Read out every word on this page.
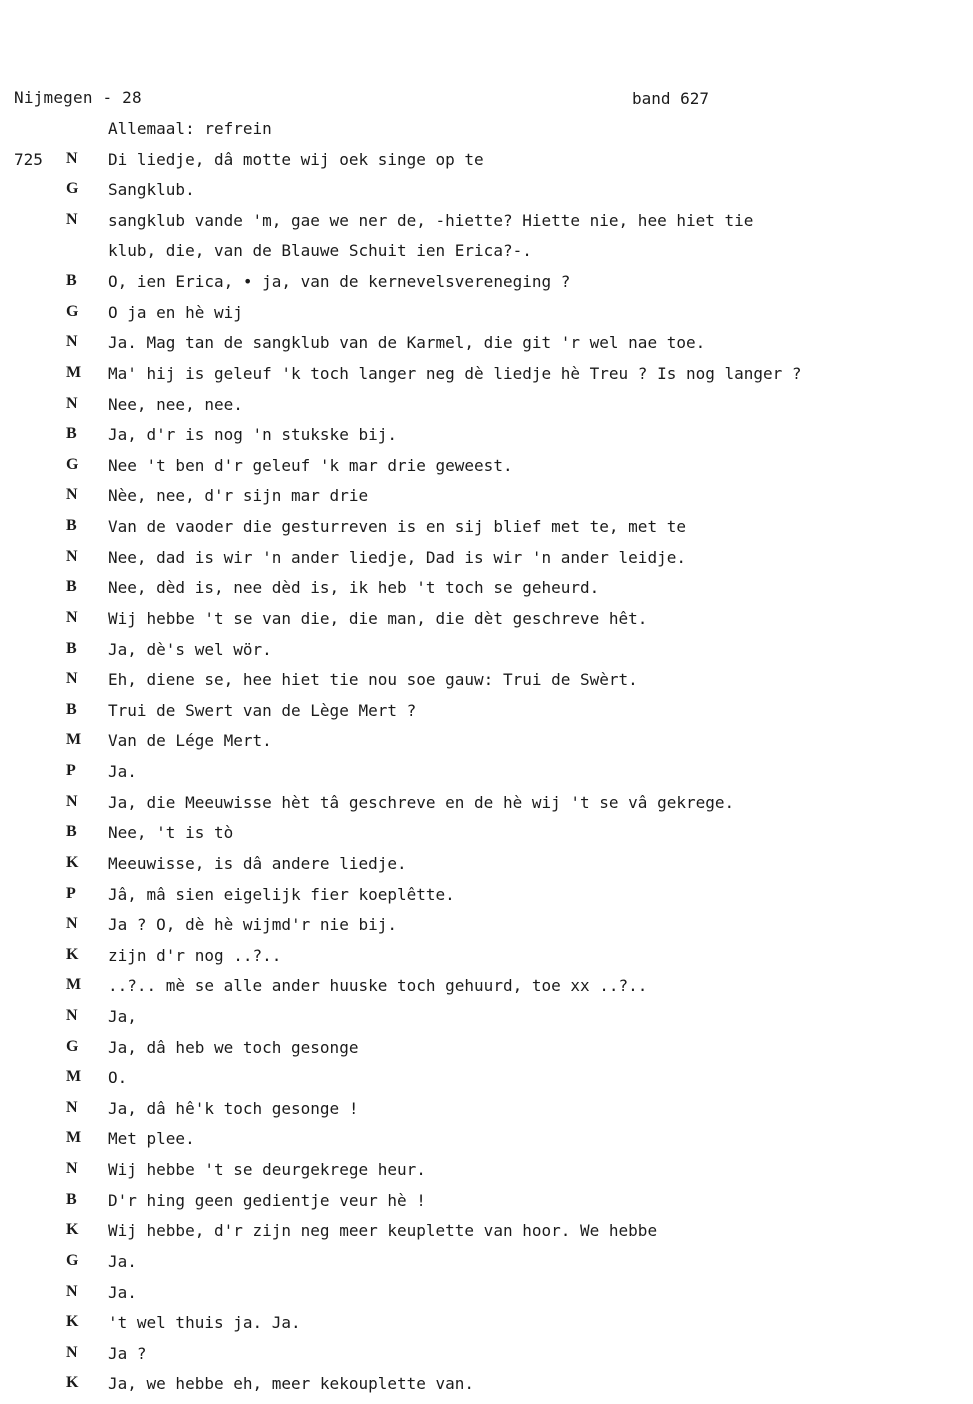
Nijmegen - 28	band 627
Allemaal: refrein
725 N Di liedje, dâ motte wij oek singe op te
G Sangklub.
N sangklub vande 'm, gae we ner de, -hiette? Hiette nie, hee hiet tie
klub, die, van de Blauwe Schuit ien Erica?-.
B O, ien Erica, • ja, van de kernevelsvereneging ?
G O ja en hè wij
N Ja. Mag tan de sangklub van de Karmel, die git 'r wel nae toe.
M Ma' hij is geleuf 'k toch langer neg dè liedje hè Treu ? Is nog langer ?
N Nee, nee, nee.
B Ja, d'r is nog 'n stukske bij.
G Nee 't ben d'r geleuf 'k mar drie geweest.
N Nèe, nee, d'r sijn mar drie
B Van de vaoder die gesturreven is en sij blief met te, met te
N Nee, dad is wir 'n ander liedje, Dad is wir 'n ander leidje.
B Nee, dèd is, nee dèd is, ik heb 't toch se geheurd.
N Wij hebbe 't se van die, die man, die dèt geschreve hêt.
B Ja, dè's wel wör.
N Eh, diene se, hee hiet tie nou soe gauw: Trui de Swèrt.
B Trui de Swert van de Lège Mert ?
M Van de Lége Mert.
P Ja.
N Ja, die Meeuwisse hèt tâ geschreve en de hè wij 't se vâ gekrege.
B Nee, 't is tò
K Meeuwisse, is dâ andere liedje.
P Jâ, mâ sien eigelijk fier koeplêtte.
N Ja ? O, dè hè wijmd'r nie bij.
K zijn d'r nog ..?..
M ..?.. mè se alle ander huuske toch gehuurd, toe xx ..?..
N Ja,
G Ja, dâ heb we toch gesonge
M O.
N Ja, dâ hê'k toch gesonge !
M Met plee.
N Wij hebbe 't se deurgekrege heur.
B D'r hing geen gedientje veur hè !
K Wij hebbe, d'r zijn neg meer keuplette van hoor. We hebbe
G Ja.
N Ja.
K 't wel thuis ja. Ja.
N Ja ?
K Ja, we hebbe eh, meer kekouplette van.
